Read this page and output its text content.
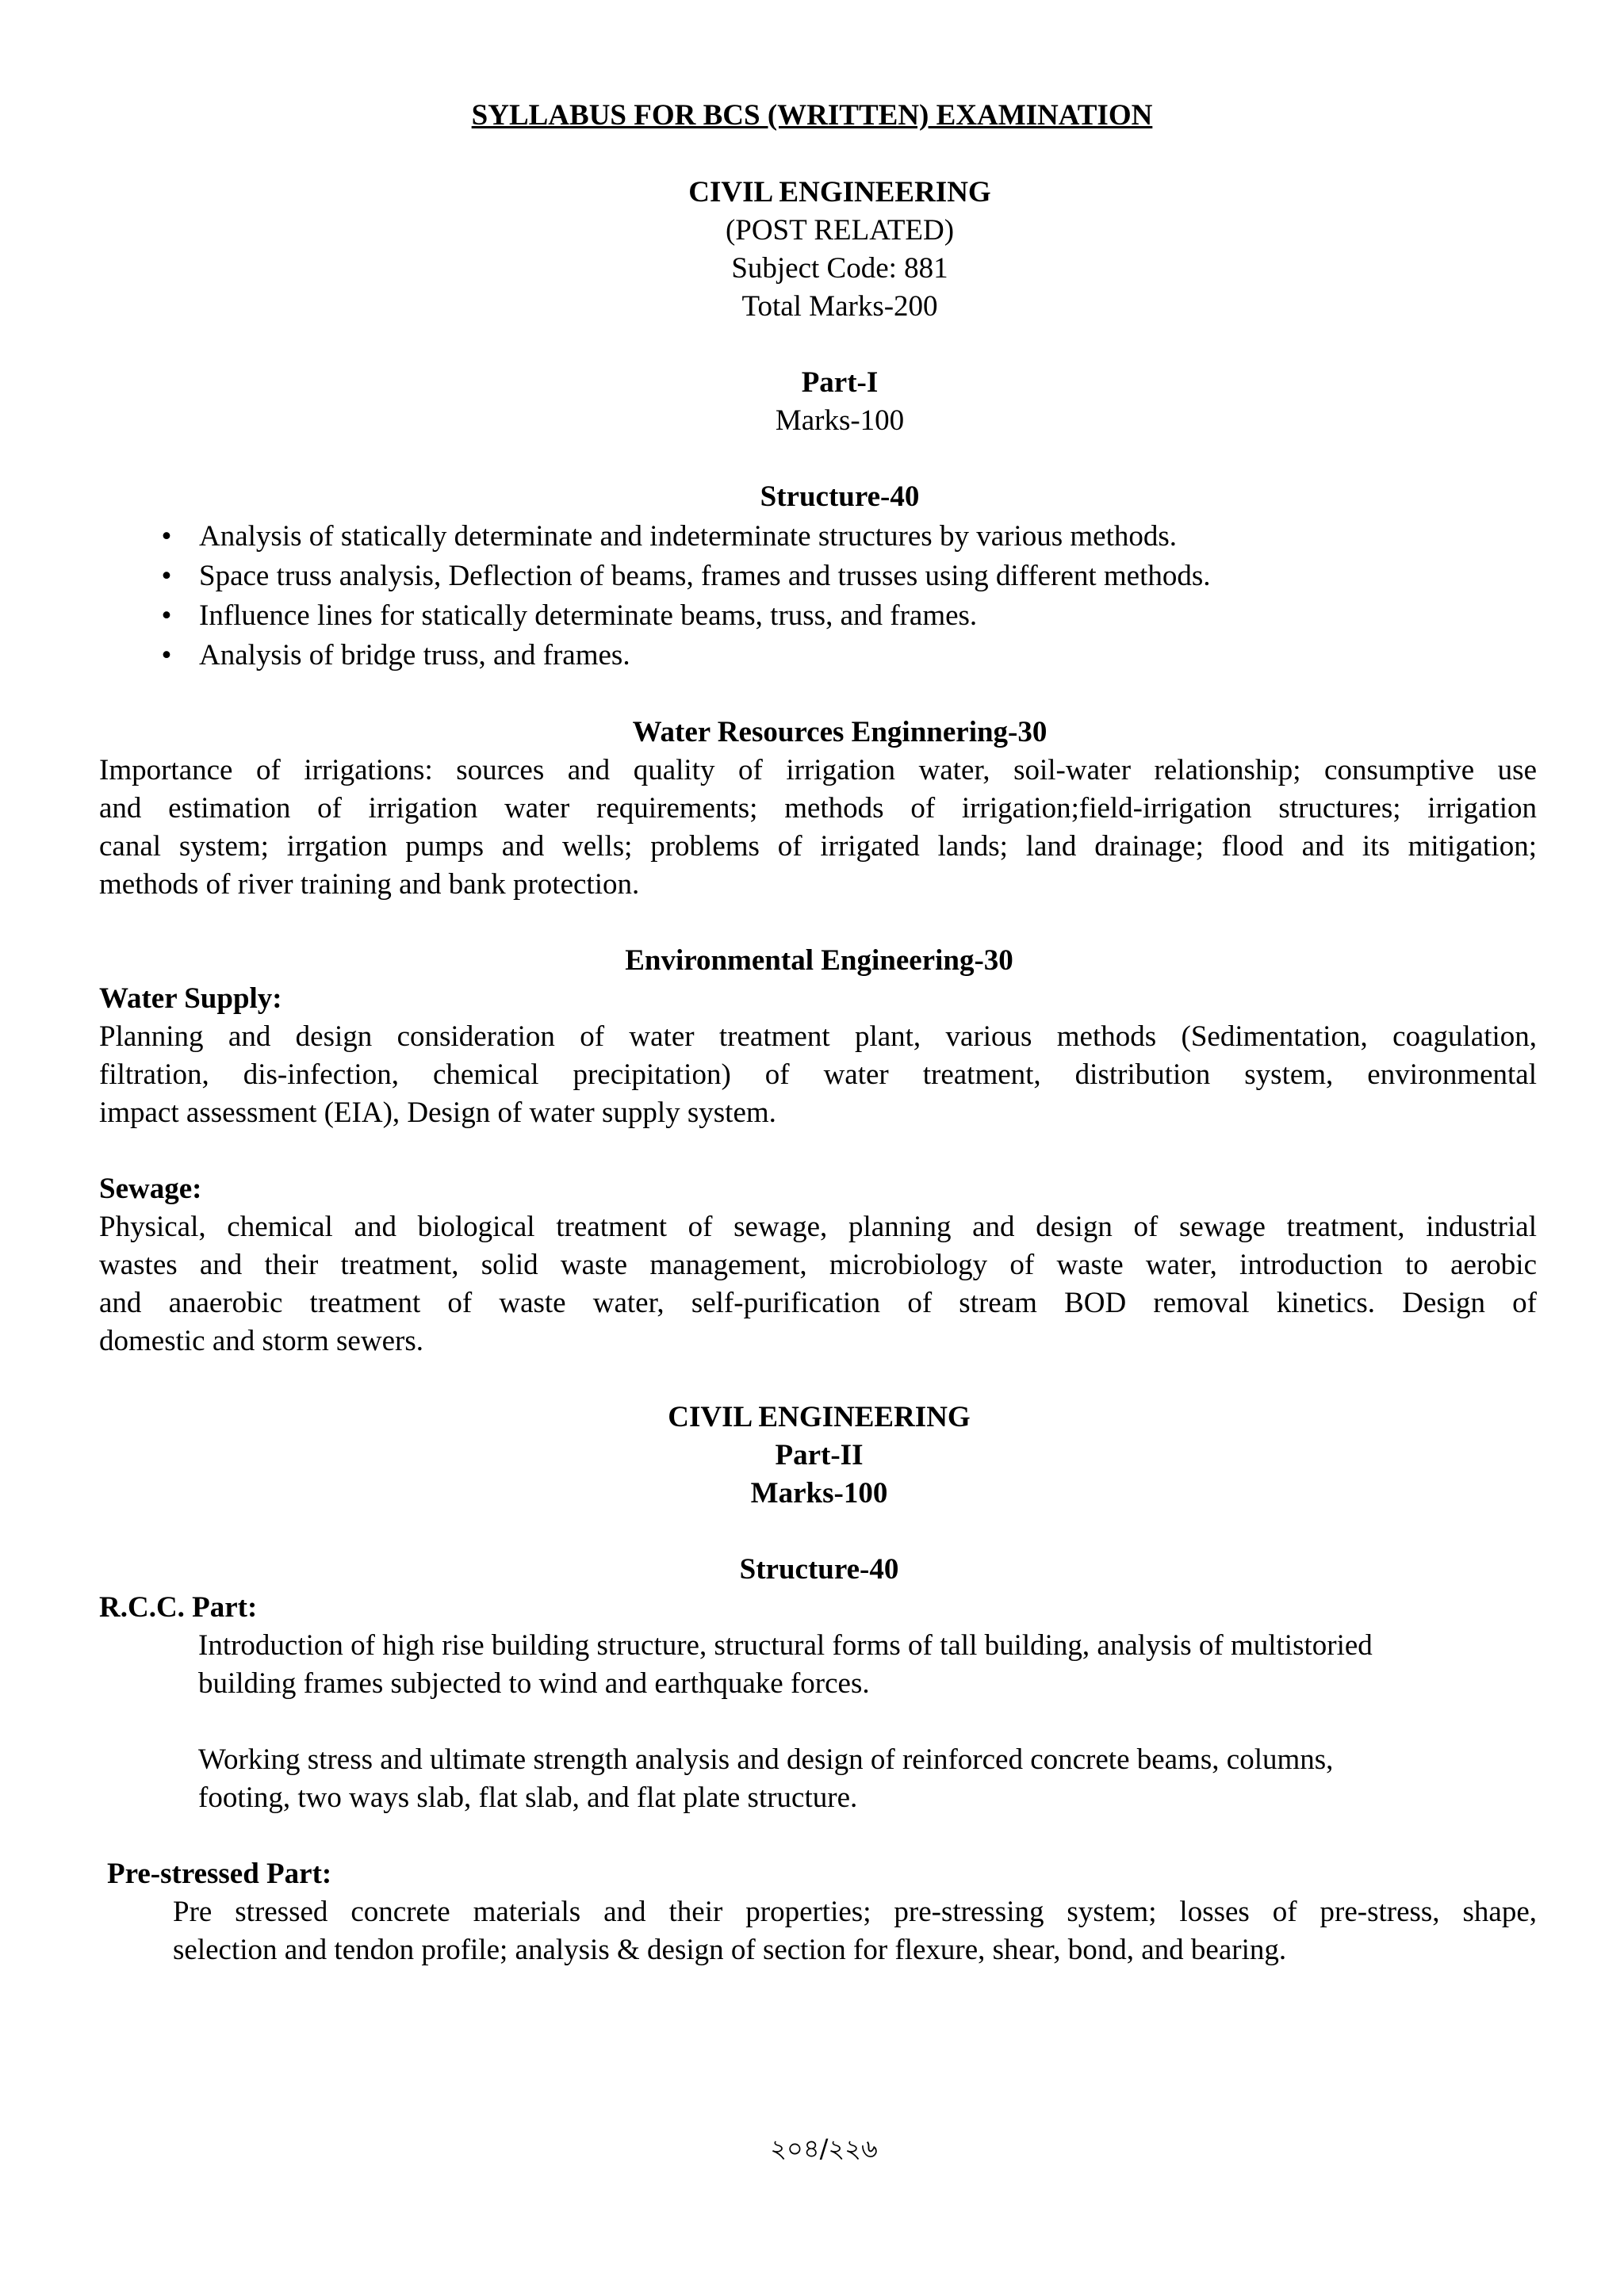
SYLLABUS FOR BCS (WRITTEN) EXAMINATION
CIVIL ENGINEERING
(POST RELATED)
Subject Code: 881
Total Marks-200
Part-I
Marks-100
Structure-40
• Analysis of statically determinate and indeterminate structures by various methods.
• Space truss analysis, Deflection of beams, frames and trusses using different methods.
• Influence lines for statically determinate beams, truss, and frames.
• Analysis of bridge truss, and frames.
Water Resources Enginnering-30
Importance of irrigations: sources and quality of irrigation water, soil-water relationship; consumptive use
and estimation of irrigation water requirements; methods of irrigation;field-irrigation structures; irrigation
canal system; irrgation pumps and wells; problems of irrigated lands; land drainage; flood and its mitigation;
methods of river training and bank protection.
Environmental Engineering-30
Water Supply:
Planning and design consideration of water treatment plant, various methods (Sedimentation, coagulation,
filtration, dis-infection, chemical precipitation) of water treatment, distribution system, environmental
impact assessment (EIA), Design of water supply system.
Sewage:
Physical, chemical and biological treatment of sewage, planning and design of sewage treatment, industrial
wastes and their treatment, solid waste management, microbiology of waste water, introduction to aerobic
and anaerobic treatment of waste water, self-purification of stream BOD removal kinetics. Design of
domestic and storm sewers.
CIVIL ENGINEERING
Part-II
Marks-100
Structure-40
R.C.C. Part:
Introduction of high rise building structure, structural forms of tall building, analysis of multistoried
building frames subjected to wind and earthquake forces.
Working stress and ultimate strength analysis and design of reinforced concrete beams, columns,
footing, two ways slab, flat slab, and flat plate structure.
Pre-stressed Part:
Pre stressed concrete materials and their properties; pre-stressing system; losses of pre-stress, shape,
selection and tendon profile; analysis & design of section for flexure, shear, bond, and bearing.
২০৪/২২৬
